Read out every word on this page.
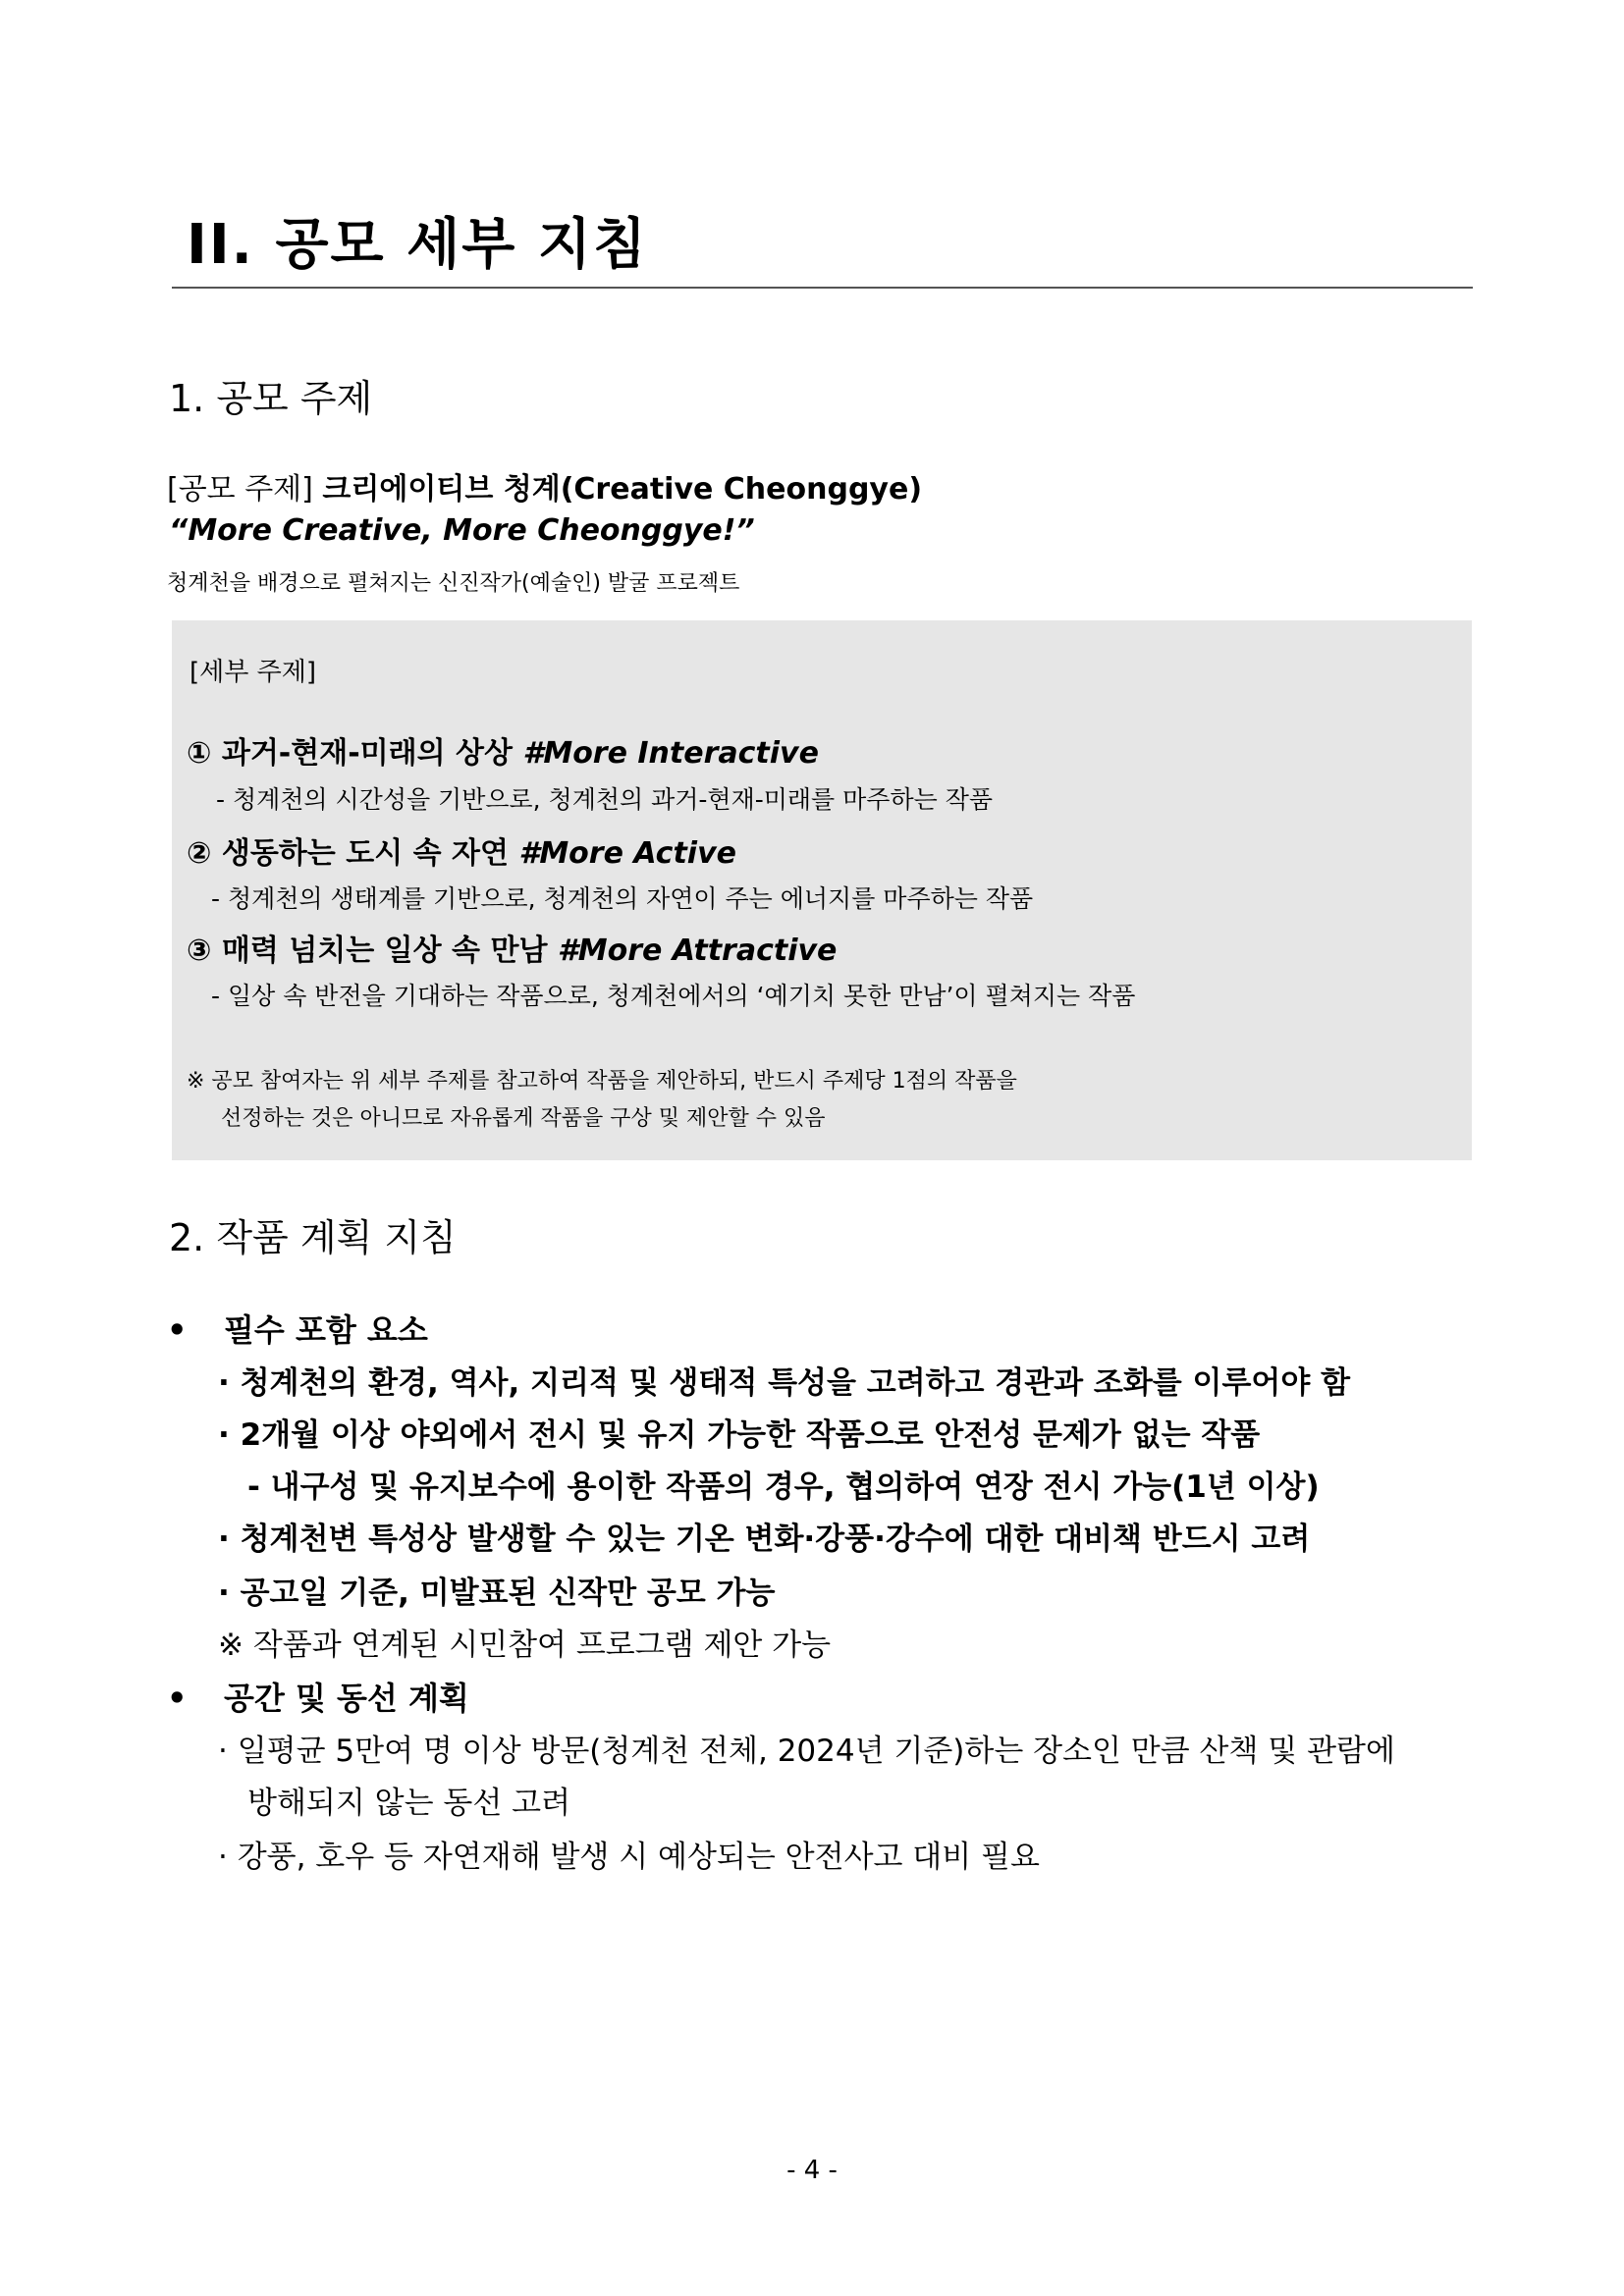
II. 공모 세부 지침
1. 공모 주제
[공모 주제] 크리에이티브 청계(Creative Cheonggye)
“More Creative, More Cheonggye!”
청계천을 배경으로 펼쳐지는 신진작가(예술인) 발굴 프로젝트
[세부 주제]
① 과거-현재-미래의 상상 #More Interactive
- 청계천의 시간성을 기반으로, 청계천의 과거-현재-미래를 마주하는 작품
② 생동하는 도시 속 자연 #More Active
- 청계천의 생태계를 기반으로, 청계천의 자연이 주는 에너지를 마주하는 작품
③ 매력 넘치는 일상 속 만남 #More Attractive
- 일상 속 반전을 기대하는 작품으로, 청계천에서의 ‘예기치 못한 만남’이 펼쳐지는 작품
※ 공모 참여자는 위 세부 주제를 참고하여 작품을 제안하되, 반드시 주제당 1점의 작품을
선정하는 것은 아니므로 자유롭게 작품을 구상 및 제안할 수 있음
2. 작품 계획 지침
• 필수 포함 요소
· 청계천의 환경, 역사, 지리적 및 생태적 특성을 고려하고 경관과 조화를 이루어야 함
· 2개월 이상 야외에서 전시 및 유지 가능한 작품으로 안전성 문제가 없는 작품
- 내구성 및 유지보수에 용이한 작품의 경우, 협의하여 연장 전시 가능(1년 이상)
· 청계천변 특성상 발생할 수 있는 기온 변화·강풍·강수에 대한 대비책 반드시 고려
· 공고일 기준, 미발표된 신작만 공모 가능
※ 작품과 연계된 시민참여 프로그램 제안 가능
• 공간 및 동선 계획
· 일평균 5만여 명 이상 방문(청계천 전체, 2024년 기준)하는 장소인 만큼 산책 및 관람에
방해되지 않는 동선 고려
· 강풍, 호우 등 자연재해 발생 시 예상되는 안전사고 대비 필요
- 4 -
